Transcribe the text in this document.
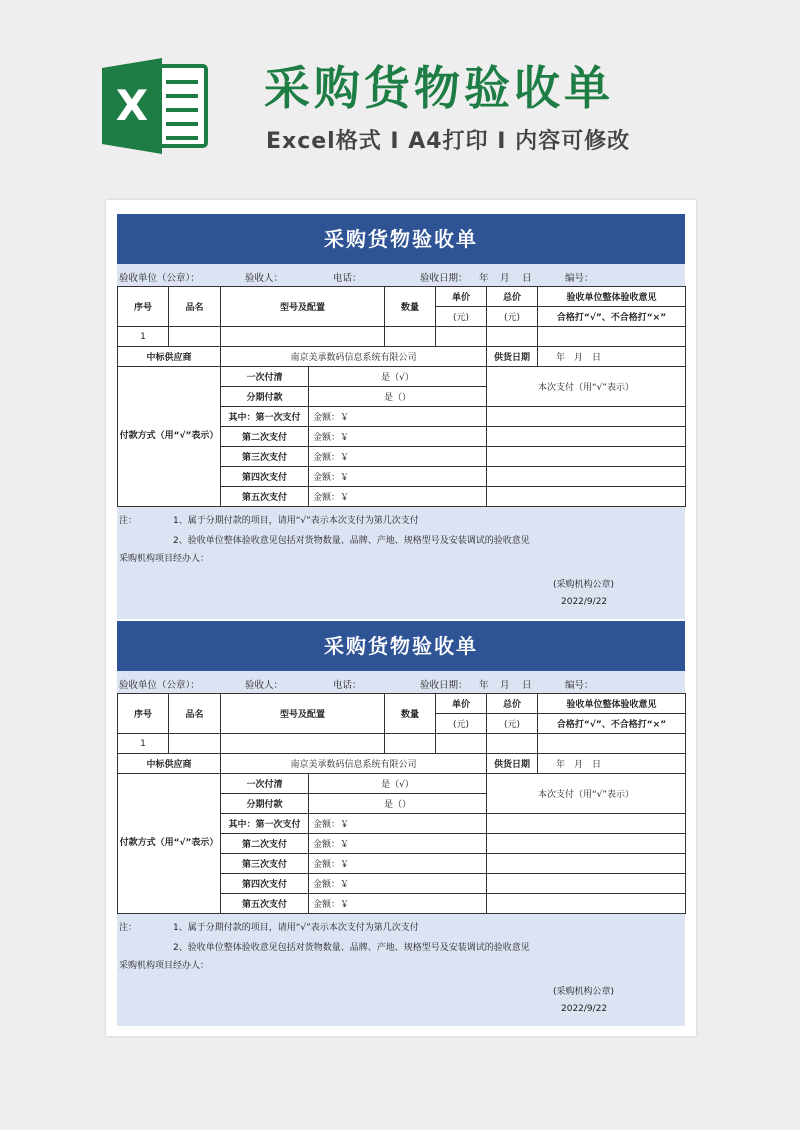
X	采购货物验收单
Excel格式 I A4打印 I 内容可修改
采购货物验收单
验收单位（公章）：	验收人：	电话：	验收日期： 年 月 日	编号：
序号	品名	型号及配置		数量	单价	总价	验收单位整体验收意见
					(元)	(元)	合格打“√”、不合格打“×”
1							
中标供应商		南京美承数码信息系统有限公司				供货日期	年　月　日
付款方式（用“√”表示）		一次付清	是（√）			本次支付（用“√”表示）	
		分期付款	是（）				
		其中：第一次支付	金额：￥				
		第二次支付	金额：￥				
		第三次支付	金额：￥				
		第四次支付	金额：￥				
		第五次支付	金额：￥				
注：	1、属于分期付款的项目，请用“√”表示本次支付为第几次支付
2、验收单位整体验收意见包括对货物数量、品牌、产地、规格型号及安装调试的验收意见
采购机构项目经办人：
(采购机构公章)
2022/9/22
采购货物验收单
验收单位（公章）：	验收人：	电话：	验收日期： 年 月 日	编号：
序号	品名	型号及配置		数量	单价	总价	验收单位整体验收意见
					(元)	(元)	合格打“√”、不合格打“×”
1							
中标供应商		南京美承数码信息系统有限公司				供货日期	年　月　日
付款方式（用“√”表示）		一次付清	是（√）			本次支付（用“√”表示）	
		分期付款	是（）				
		其中：第一次支付	金额：￥				
		第二次支付	金额：￥				
		第三次支付	金额：￥				
		第四次支付	金额：￥				
		第五次支付	金额：￥				
注：	1、属于分期付款的项目，请用“√”表示本次支付为第几次支付
2、验收单位整体验收意见包括对货物数量、品牌、产地、规格型号及安装调试的验收意见
采购机构项目经办人：
(采购机构公章)
2022/9/22
